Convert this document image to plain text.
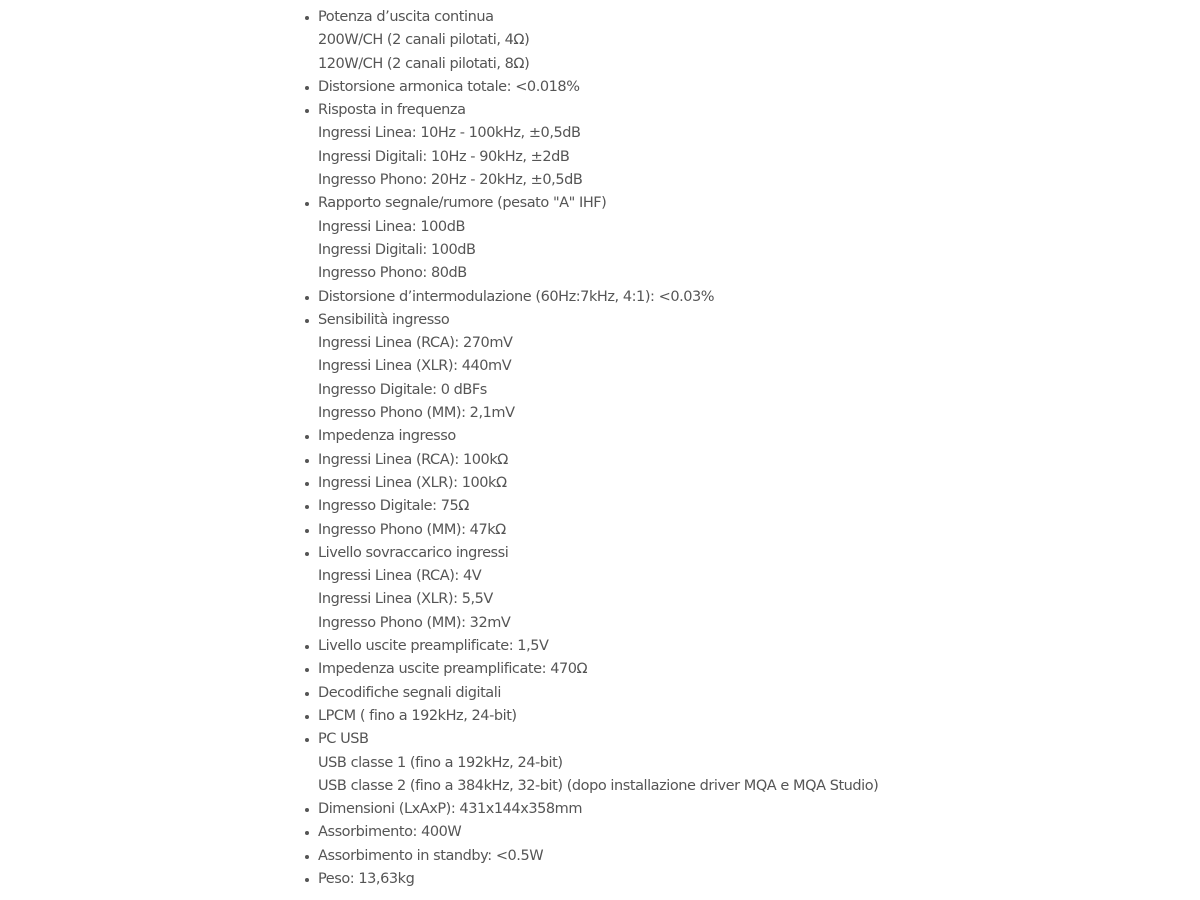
Potenza d’uscita continua
200W/CH (2 canali pilotati, 4Ω)
120W/CH (2 canali pilotati, 8Ω)
Distorsione armonica totale: <0.018%
Risposta in frequenza
Ingressi Linea: 10Hz - 100kHz, ±0,5dB
Ingressi Digitali: 10Hz - 90kHz, ±2dB
Ingresso Phono: 20Hz - 20kHz, ±0,5dB
Rapporto segnale/rumore (pesato "A" IHF)
Ingressi Linea: 100dB
Ingressi Digitali: 100dB
Ingresso Phono: 80dB
Distorsione d’intermodulazione (60Hz:7kHz, 4:1): <0.03%
Sensibilità ingresso
Ingressi Linea (RCA): 270mV
Ingressi Linea (XLR): 440mV
Ingresso Digitale: 0 dBFs
Ingresso Phono (MM): 2,1mV
Impedenza ingresso
Ingressi Linea (RCA): 100kΩ
Ingressi Linea (XLR): 100kΩ
Ingresso Digitale: 75Ω
Ingresso Phono (MM): 47kΩ
Livello sovraccarico ingressi
Ingressi Linea (RCA): 4V
Ingressi Linea (XLR): 5,5V
Ingresso Phono (MM): 32mV
Livello uscite preamplificate: 1,5V
Impedenza uscite preamplificate: 470Ω
Decodifiche segnali digitali
LPCM ( fino a 192kHz, 24-bit)
PC USB
USB classe 1 (fino a 192kHz, 24-bit)
USB classe 2 (fino a 384kHz, 32-bit) (dopo installazione driver MQA e MQA Studio)
Dimensioni (LxAxP): 431x144x358mm
Assorbimento: 400W
Assorbimento in standby: <0.5W
Peso: 13,63kg
